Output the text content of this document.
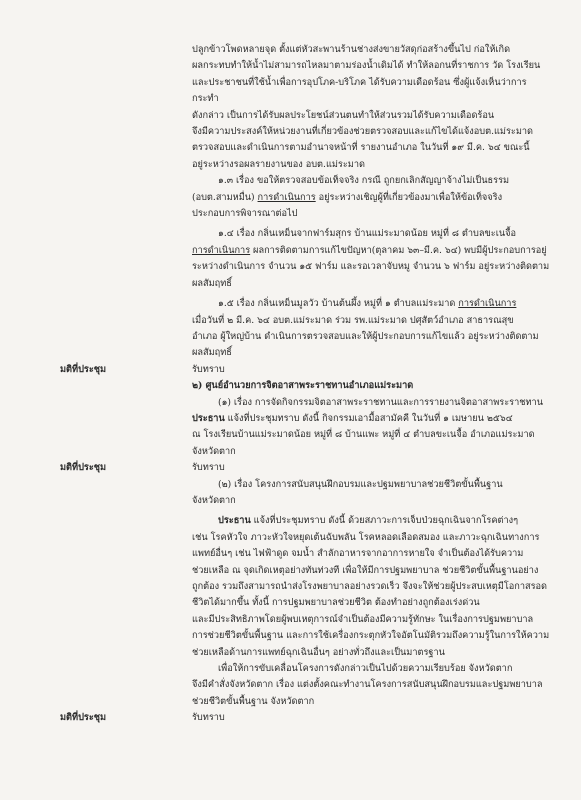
ปลูกข้าวโพดหลายจุด ตั้งแต่หัวสะพานร้านช่างส่งขายวัสดุก่อสร้างขึ้นไป ก่อให้เกิด

ผลกระทบทำให้น้ำไม่สามารถไหลมาตามร่องน้ำเดิมได้ ทำให้ลอกนที่ราชการ วัด โรงเรียน

และประชาชนที่ใช้น้ำเพื่อการอุปโภค-บริโภค ได้รับความเดือดร้อน ซึ่งผู้แจ้งเห็นว่าการกระทำ

ดังกล่าว เป็นการได้รับผลประโยชน์ส่วนตนทำให้ส่วนรวมได้รับความเดือดร้อน

จึงมีความประสงค์ให้หน่วยงานที่เกี่ยวข้องช่วยตรวจสอบและแก้ไขได้แจ้งอบต.แม่ระมาด

ตรวจสอบและดำเนินการตามอำนาจหน้าที่ รายงานอำเภอ ในวันที่ ๑๙ มี.ค. ๖๔ ขณะนี้

อยู่ระหว่างรอผลรายงานของ อบต.แม่ระมาด

๑.๓ เรื่อง ขอให้ตรวจสอบข้อเท็จจริง กรณี ถูกยกเลิกสัญญาจ้างไม่เป็นธรรม

(อบต.สามหมื่น) การดำเนินการ อยู่ระหว่างเชิญผู้ที่เกี่ยวข้องมาเพื่อให้ข้อเท็จจริง

ประกอบการพิจารณาต่อไป

๑.๔ เรื่อง กลิ่นเหม็นจากฟาร์มสุกร บ้านแม่ระมาดน้อย หมู่ที่ ๘ ตำบลขะเนจื้อ

การดำเนินการ ผลการติดตามการแก้ไขปัญหา(ตุลาคม ๖๓–มี.ค. ๖๔) พบมีผู้ประกอบการอยู่

ระหว่างดำเนินการ จำนวน ๑๕ ฟาร์ม และรอเวลาจับหมู จำนวน ๖ ฟาร์ม อยู่ระหว่างติดตาม

ผลสัมฤทธิ์

๑.๕ เรื่อง กลิ่นเหม็นมูลวัว บ้านต้นผึ้ง หมู่ที่ ๑ ตำบลแม่ระมาด การดำเนินการ

เมื่อวันที่ ๒ มี.ค. ๖๔ อบต.แม่ระมาด ร่วม รพ.แม่ระมาด ปศุสัตว์อำเภอ สาธารณสุข

อำเภอ ผู้ใหญ่บ้าน ดำเนินการตรวจสอบและให้ผู้ประกอบการแก้ไขแล้ว อยู่ระหว่างติดตาม

ผลสัมฤทธิ์

มติที่ประชุม	รับทราบ

๒) ศูนย์อำนวยการจิตอาสาพระราชทานอำเภอแม่ระมาด

(๑) เรื่อง การจัดกิจกรรมจิตอาสาพระราชทานและการรายงานจิตอาสาพระราชทาน

ประธาน แจ้งที่ประชุมทราบ ดังนี้ กิจกรรมเอามื้อสามัคคี ในวันที่ ๑ เมษายน ๒๕๖๔

ณ โรงเรียนบ้านแม่ระมาดน้อย หมู่ที่ ๘ บ้านแพะ หมู่ที่ ๔ ตำบลขะเนจื้อ อำเภอแม่ระมาด

จังหวัดตาก

มติที่ประชุม	รับทราบ

(๒) เรื่อง โครงการสนับสนุนฝึกอบรมและปฐมพยาบาลช่วยชีวิตขั้นพื้นฐาน

จังหวัดตาก

ประธาน แจ้งที่ประชุมทราบ ดังนี้ ด้วยสภาวะการเจ็บป่วยฉุกเฉินจากโรคต่างๆ

เช่น โรคหัวใจ ภาวะหัวใจหยุดเต้นฉับพลัน โรคหลอดเลือดสมอง และภาวะฉุกเฉินทางการ

แพทย์อื่นๆ เช่น ไฟฟ้าดูด จมน้ำ สำลักอาหารจากอาการหายใจ จำเป็นต้องได้รับความ

ช่วยเหลือ ณ จุดเกิดเหตุอย่างทันท่วงที เพื่อให้มีการปฐมพยาบาล ช่วยชีวิตขั้นพื้นฐานอย่าง

ถูกต้อง รวมถึงสามารถนำส่งโรงพยาบาลอย่างรวดเร็ว จึงจะให้ช่วยผู้ประสบเหตุมีโอกาสรอด

ชีวิตได้มากขึ้น ทั้งนี้ การปฐมพยาบาลช่วยชีวิต ต้องทำอย่างถูกต้องเร่งด่วน

และมีประสิทธิภาพโดยผู้พบเหตุการณ์จำเป็นต้องมีความรู้ทักษะ ในเรื่องการปฐมพยาบาล

การช่วยชีวิตขั้นพื้นฐาน และการใช้เครื่องกระตุกหัวใจอัตโนมัติรวมถึงความรู้ในการให้ความ

ช่วยเหลือด้านการแพทย์ฉุกเฉินอื่นๆ อย่างทั่วถึงและเป็นมาตรฐาน

เพื่อให้การขับเคลื่อนโครงการดังกล่าวเป็นไปด้วยความเรียบร้อย จังหวัดตาก

จึงมีคำสั่งจังหวัดตาก เรื่อง แต่งตั้งคณะทำงานโครงการสนับสนุนฝึกอบรมและปฐมพยาบาล

ช่วยชีวิตขั้นพื้นฐาน จังหวัดตาก

มติที่ประชุม	รับทราบ
